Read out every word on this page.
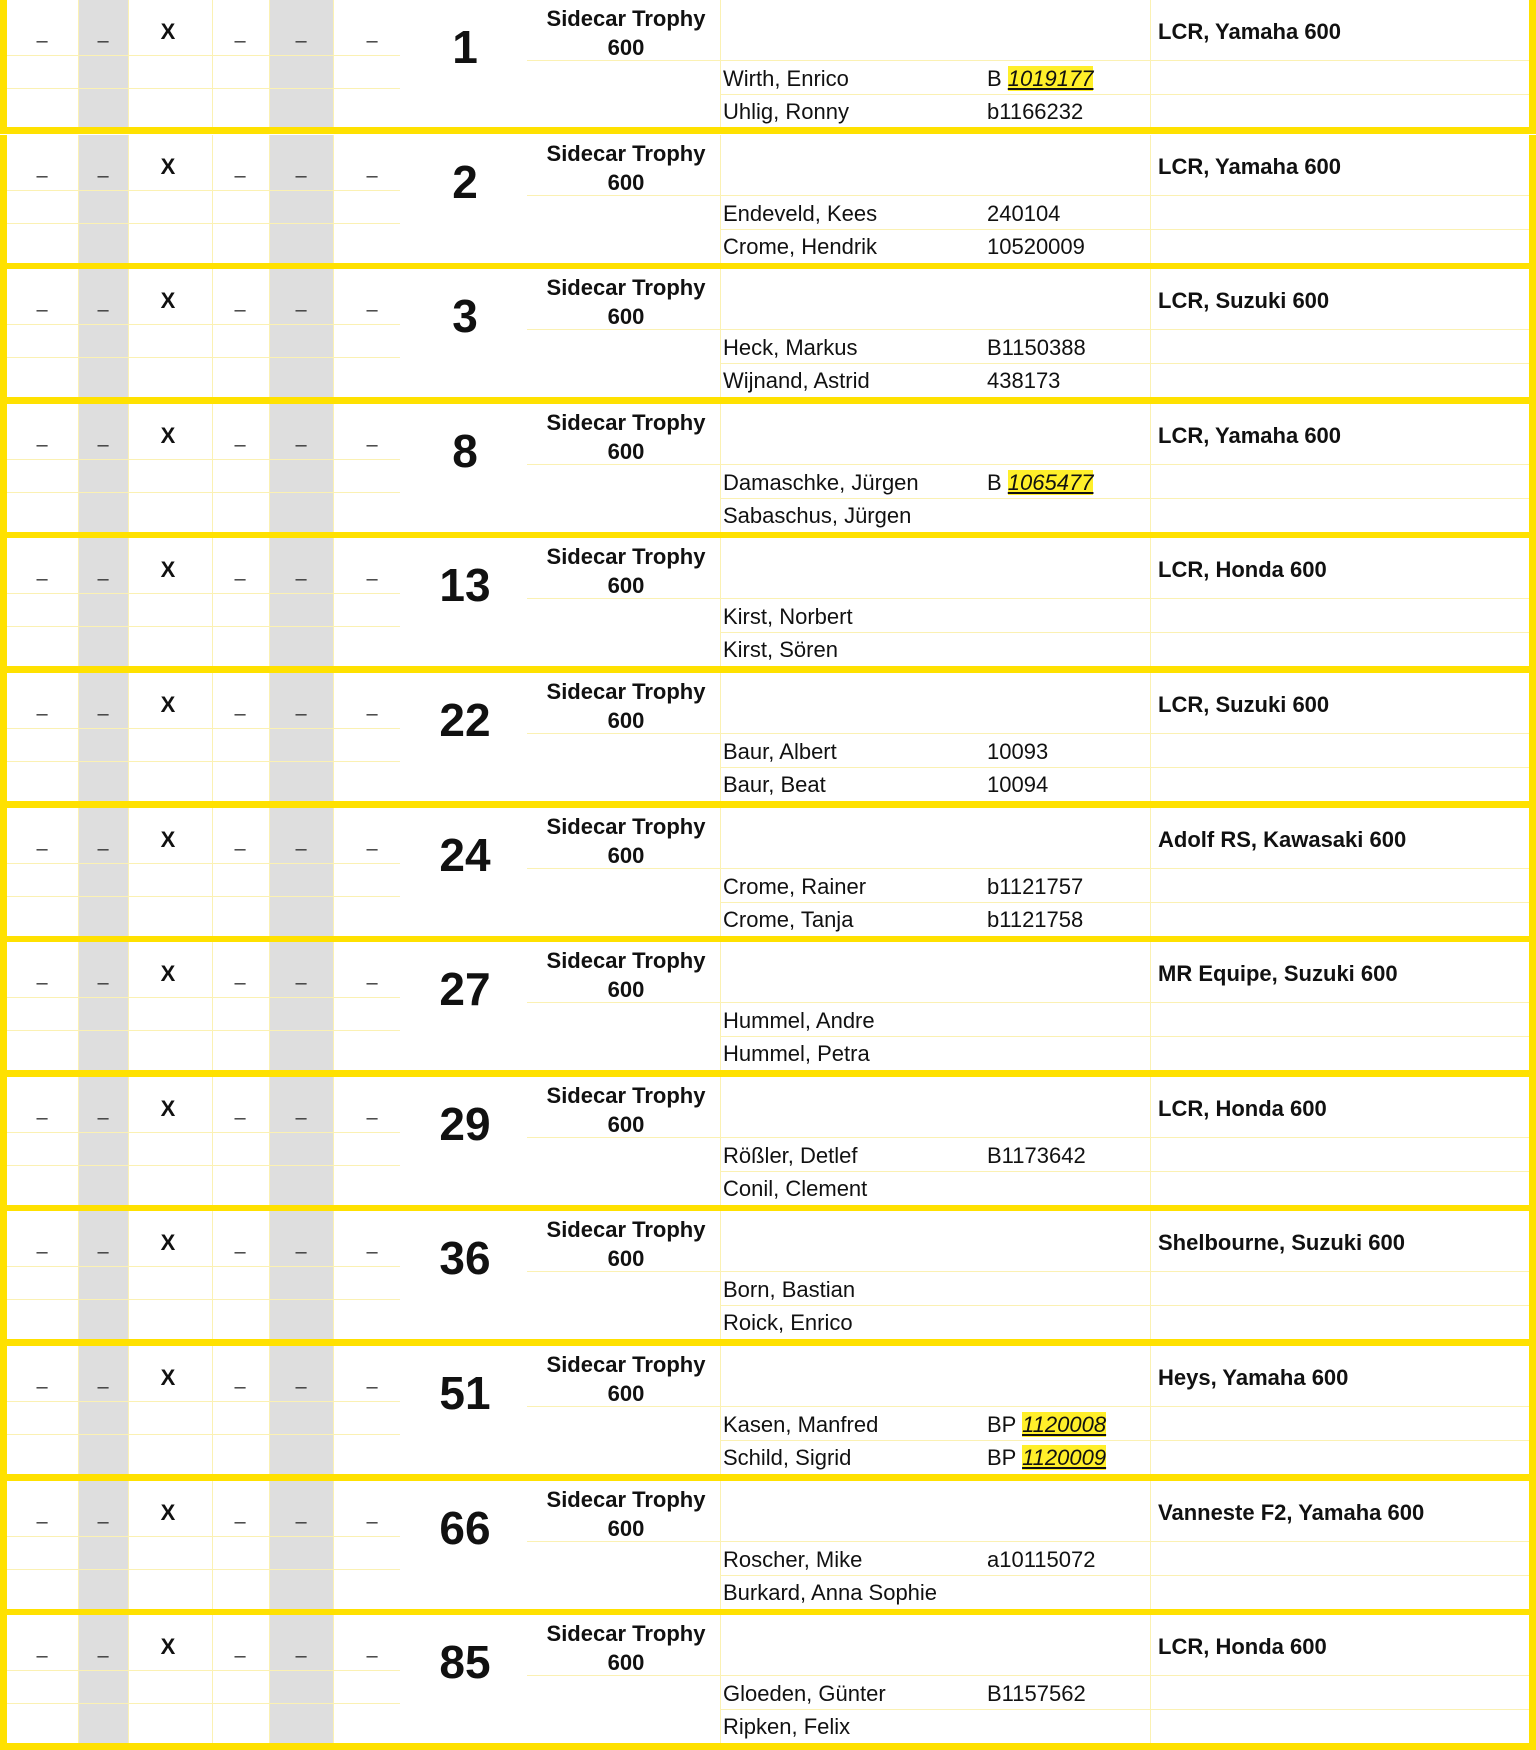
–	–	X	–	–	–	1
Sidecar Trophy
600
LCR, Yamaha 600
Wirth, Enrico	B 1019177
Uhlig, Ronny	b1166232
–	–	X	–	–	–	2
Sidecar Trophy
600
LCR, Yamaha 600
Endeveld, Kees	240104
Crome, Hendrik	10520009
–	–	X	–	–	–	3
Sidecar Trophy
600
LCR, Suzuki 600
Heck, Markus	B1150388
Wijnand, Astrid	438173
–	–	X	–	–	–	8
Sidecar Trophy
600
LCR, Yamaha 600
Damaschke, Jürgen	B 1065477
Sabaschus, Jürgen
–	–	X	–	–	–	13
Sidecar Trophy
600
LCR, Honda 600
Kirst, Norbert
Kirst, Sören
–	–	X	–	–	–	22
Sidecar Trophy
600
LCR, Suzuki 600
Baur, Albert	10093
Baur, Beat	10094
–	–	X	–	–	–	24
Sidecar Trophy
600
Adolf RS, Kawasaki 600
Crome, Rainer	b1121757
Crome, Tanja	b1121758
–	–	X	–	–	–	27
Sidecar Trophy
600
MR Equipe, Suzuki 600
Hummel, Andre
Hummel, Petra
–	–	X	–	–	–	29
Sidecar Trophy
600
LCR, Honda 600
Rößler, Detlef	B1173642
Conil, Clement
–	–	X	–	–	–	36
Sidecar Trophy
600
Shelbourne, Suzuki 600
Born, Bastian
Roick, Enrico
–	–	X	–	–	–	51
Sidecar Trophy
600
Heys, Yamaha 600
Kasen, Manfred	BP 1120008
Schild, Sigrid	BP 1120009
–	–	X	–	–	–	66
Sidecar Trophy
600
Vanneste F2, Yamaha 600
Roscher, Mike	a10115072
Burkard, Anna Sophie
–	–	X	–	–	–	85
Sidecar Trophy
600
LCR, Honda 600
Gloeden, Günter	B1157562
Ripken, Felix
